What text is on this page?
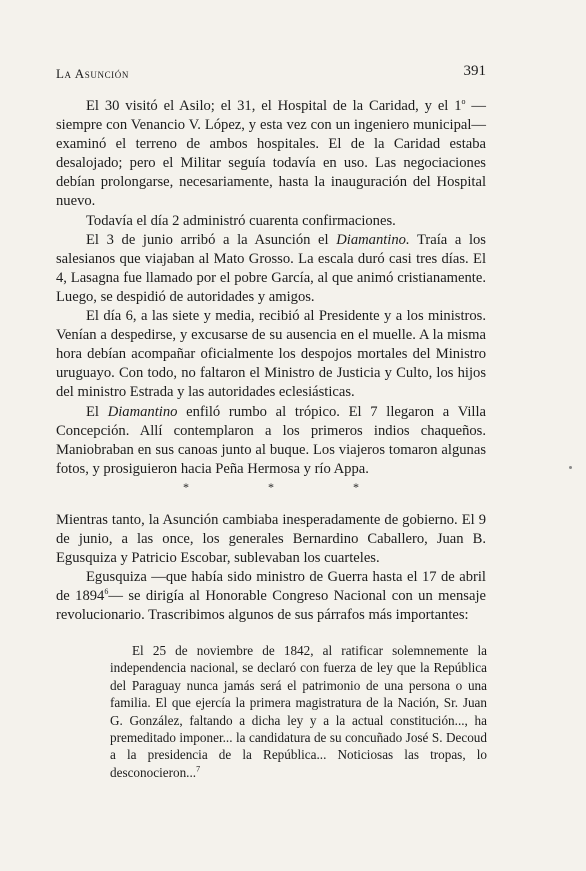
La Asunción	391

El 30 visitó el Asilo; el 31, el Hospital de la Caridad, y el 1$^o$ —siempre con Venancio V. López, y esta vez con un ingeniero municipal— examinó el terreno de ambos hospitales. El de la Caridad estaba desalojado; pero el Militar seguía todavía en uso. Las negociaciones debían prolongarse, necesariamente, hasta la inauguración del Hospital nuevo.

Todavía el día 2 administró cuarenta confirmaciones.

El 3 de junio arribó a la Asunción el Diamantino. Traía a los salesianos que viajaban al Mato Grosso. La escala duró casi tres días. El 4, Lasagna fue llamado por el pobre García, al que animó cristianamente. Luego, se despidió de autoridades y amigos.

El día 6, a las siete y media, recibió al Presidente y a los ministros. Venían a despedirse, y excusarse de su ausencia en el muelle. A la misma hora debían acompañar oficialmente los despojos mortales del Ministro uruguayo. Con todo, no faltaron el Ministro de Justicia y Culto, los hijos del ministro Estrada y las autoridades eclesiásticas.

El Diamantino enfiló rumbo al trópico. El 7 llegaron a Villa Concepción. Allí contemplaron a los primeros indios chaqueños. Maniobraban en sus canoas junto al buque. Los viajeros tomaron algunas fotos, y prosiguieron hacia Peña Hermosa y río Appa.

* * *

Mientras tanto, la Asunción cambiaba inesperadamente de gobierno. El 9 de junio, a las once, los generales Bernardino Caballero, Juan B. Egusquiza y Patricio Escobar, sublevaban los cuarteles.

Egusquiza —que había sido ministro de Guerra hasta el 17 de abril de 1894$^6$— se dirigía al Honorable Congreso Nacional con un mensaje revolucionario. Trascribimos algunos de sus párrafos más importantes:

El 25 de noviembre de 1842, al ratificar solemnemente la independencia nacional, se declaró con fuerza de ley que la República del Paraguay nunca jamás será el patrimonio de una persona o una familia. El que ejercía la primera magistratura de la Nación, Sr. Juan G. González, faltando a dicha ley y a la actual constitución..., ha premeditado imponer... la candidatura de su concuñado José S. Decoud a la presidencia de la República... Noticiosas las tropas, lo desconocieron...$^7$
